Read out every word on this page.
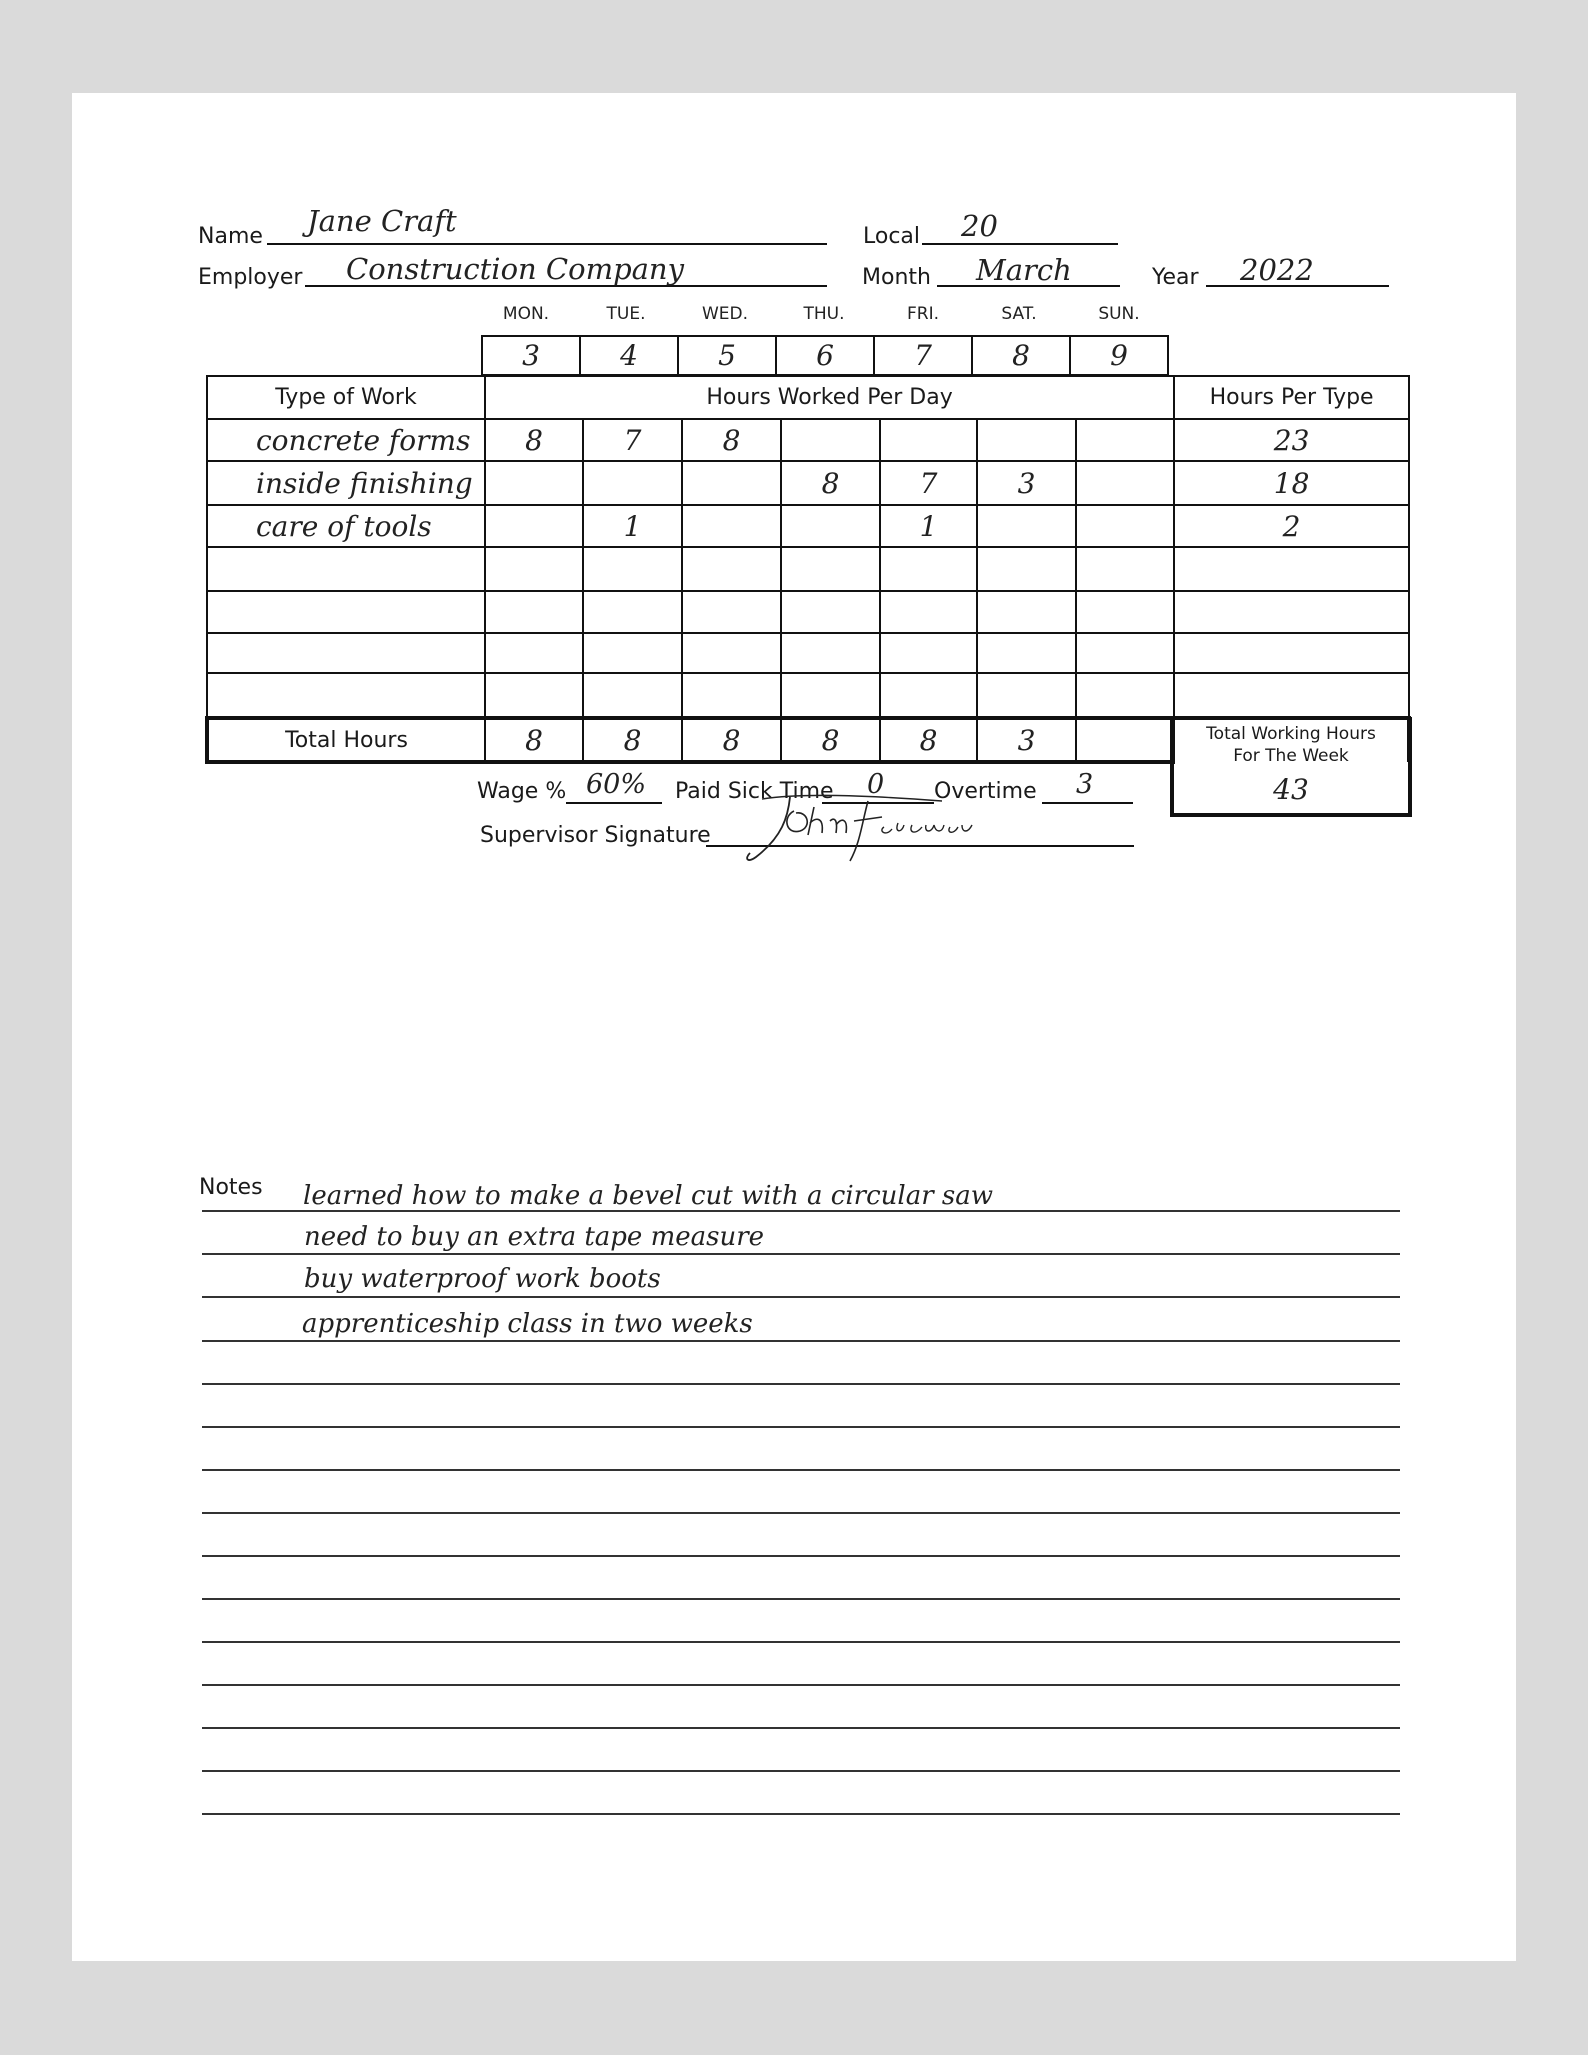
Name Jane Craft	Local 20
Employer Construction Company	Month March	Year 2022
MON.	TUE.	WED.	THU.	FRI.	SAT.	SUN.
3	4	5	6	7	8	9
Type of Work	Hours Worked Per Day							Hours Per Type
concrete forms	8	7	8					23
inside finishing				8	7	3		18
care of tools		1			1			2

Total Hours	8	8	8	8	8	3			Total Working Hours
For The Week
43
Wage % 60% Paid Sick Time 0 Overtime 3
Supervisor Signature
Notes learned how to make a bevel cut with a circular saw
need to buy an extra tape measure
buy waterproof work boots
apprenticeship class in two weeks
